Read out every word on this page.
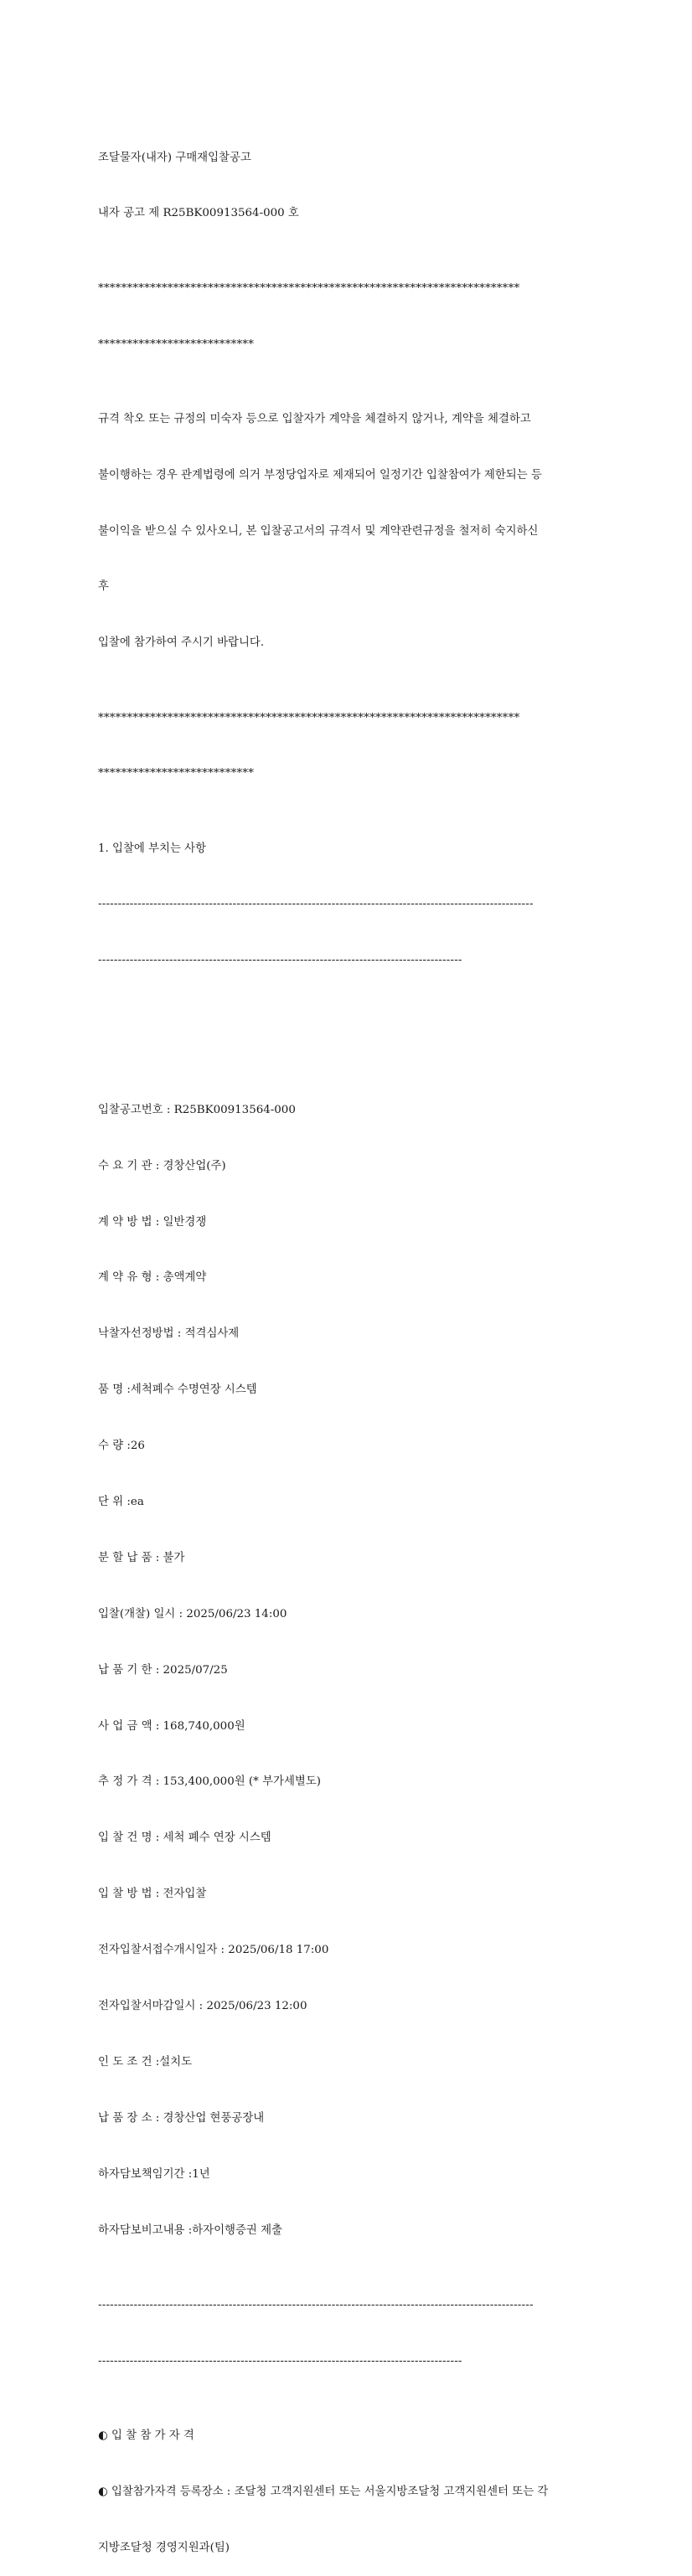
조달물자(내자) 구매재입찰공고

내자 공고 제 R25BK00913564-000 호

*************************************************************************

***************************

규격 착오 또는 규정의 미숙자 등으로 입찰자가 계약을 체결하지 않거나, 계약을 체결하고

불이행하는 경우 관계법령에 의거 부정당업자로 제재되어 일정기간 입찰참여가 제한되는 등

불이익을 받으실 수 있사오니, 본 입찰공고서의 규격서 및 계약관련규정을 철저히 숙지하신

후

입찰에 참가하여 주시기 바랍니다.

*************************************************************************

***************************

1. 입찰에 부치는 사항

--------------------------------------------------------------------------------------------------------------

--------------------------------------------------------------------------------------------

입찰공고번호 : R25BK00913564-000

수 요 기 관 : 경창산업(주)

계 약 방 법 : 일반경쟁

계 약 유 형 : 총액계약

낙찰자선정방법 : 적격심사제

품 명 :세척폐수 수명연장 시스템

수 량 :26

단 위 :ea

분 할 납 품 : 불가

입찰(개찰) 일시 : 2025/06/23 14:00

납 품 기 한 : 2025/07/25

사 업 금 액 : 168,740,000원

추 정 가 격 : 153,400,000원 (* 부가세별도)

입 찰 건 명 : 세척 폐수 연장 시스템

입 찰 방 법 : 전자입찰

전자입찰서접수개시일자 : 2025/06/18 17:00

전자입찰서마감일시 : 2025/06/23 12:00

인 도 조 건 :설치도

납 품 장 소 : 경창산업 현풍공장내

하자담보책임기간 :1년

하자담보비고내용 :하자이행증권 제출

--------------------------------------------------------------------------------------------------------------

--------------------------------------------------------------------------------------------

◐ 입 찰 참 가 자 격

◐ 입찰참가자격 등록장소 : 조달청 고객지원센터 또는 서울지방조달청 고객지원센터 또는 각

지방조달청 경영지원과(팀)
